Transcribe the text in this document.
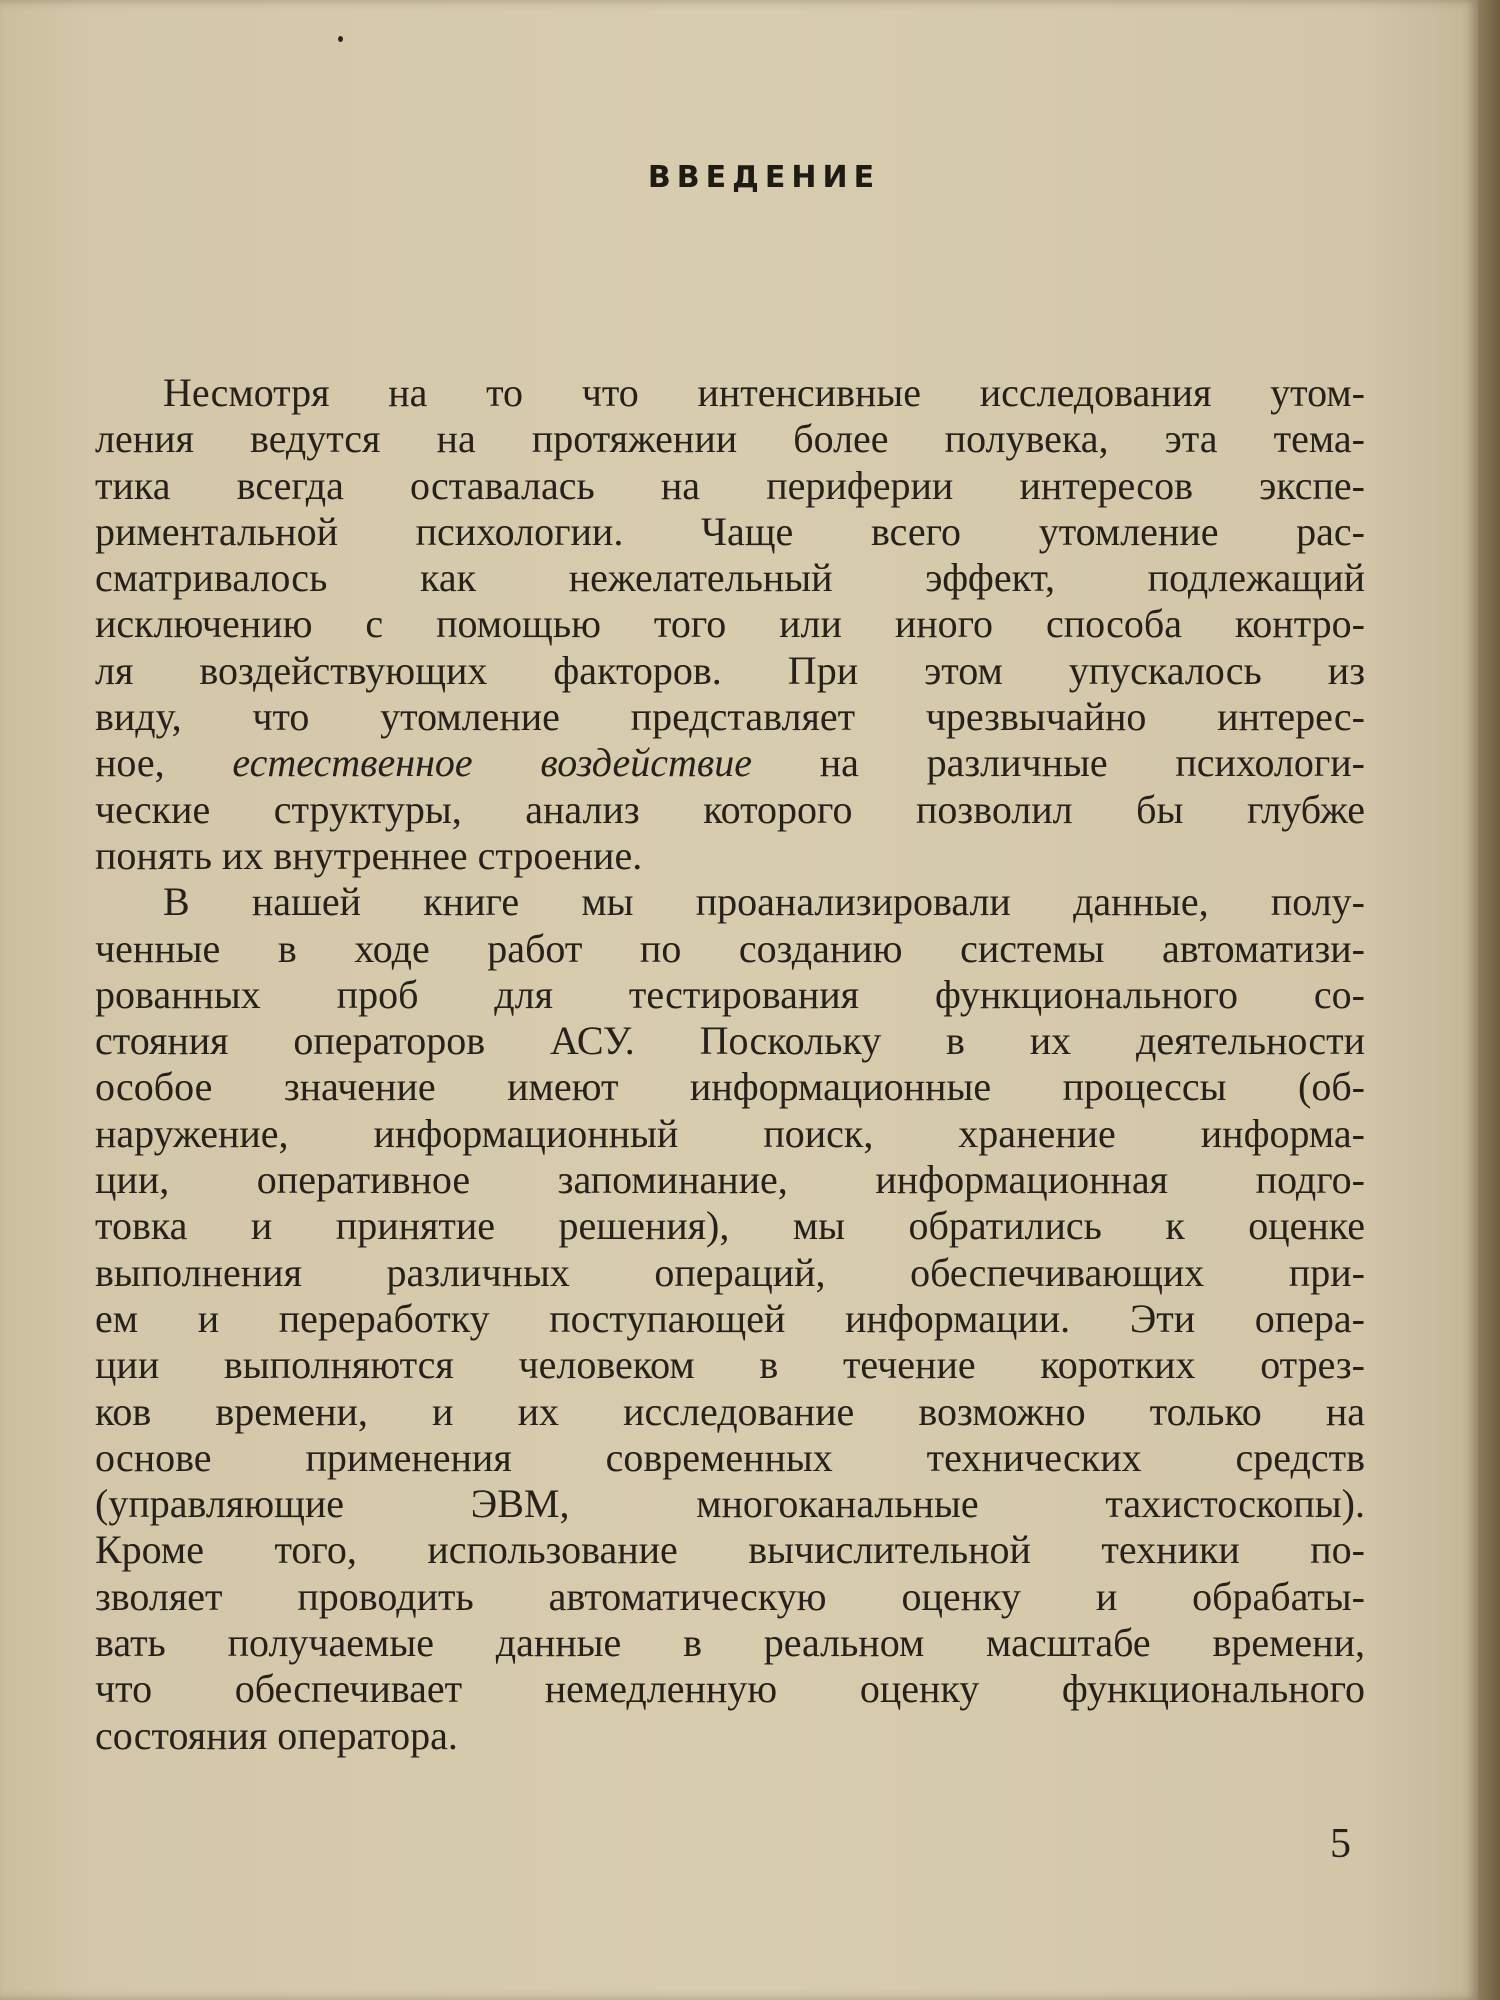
ВВЕДЕНИЕ

Несмотря на то что интенсивные исследования утом-
ления ведутся на протяжении более полувека, эта тема-
тика всегда оставалась на периферии интересов экспе-
риментальной психологии. Чаще всего утомление рас-
сматривалось как нежелательный эффект, подлежащий
исключению с помощью того или иного способа контро-
ля воздействующих факторов. При этом упускалось из
виду, что утомление представляет чрезвычайно интерес-
ное, естественное воздействие на различные психологи-
ческие структуры, анализ которого позволил бы глубже
понять их внутреннее строение.

В нашей книге мы проанализировали данные, полу-
ченные в ходе работ по созданию системы автоматизи-
рованных проб для тестирования функционального со-
стояния операторов АСУ. Поскольку в их деятельности
особое значение имеют информационные процессы (об-
наружение, информационный поиск, хранение информа-
ции, оперативное запоминание, информационная подго-
товка и принятие решения), мы обратились к оценке
выполнения различных операций, обеспечивающих при-
ем и переработку поступающей информации. Эти опера-
ции выполняются человеком в течение коротких отрез-
ков времени, и их исследование возможно только на
основе применения современных технических средств
(управляющие ЭВМ, многоканальные тахистоскопы).
Кроме того, использование вычислительной техники по-
зволяет проводить автоматическую оценку и обрабаты-
вать получаемые данные в реальном масштабе времени,
что обеспечивает немедленную оценку функционального
состояния оператора.

5
